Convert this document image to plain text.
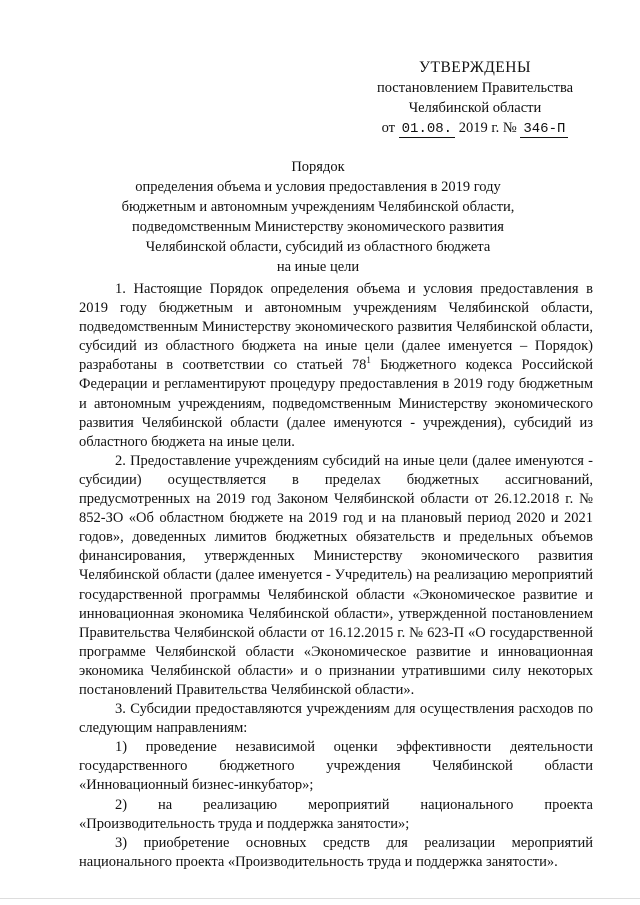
УТВЕРЖДЕНЫ
постановлением Правительства
Челябинской области
от 01.08. 2019 г. № 346-П
Порядок
определения объема и условия предоставления в 2019 году
бюджетным и автономным учреждениям Челябинской области,
подведомственным Министерству экономического развития
Челябинской области, субсидий из областного бюджета
на иные цели

1. Настоящие Порядок определения объема и условия предоставления в 2019 году бюджетным и автономным учреждениям Челябинской области, подведомственным Министерству экономического развития Челябинской области, субсидий из областного бюджета на иные цели (далее именуется – Порядок) разработаны в соответствии со статьей $78^1$ Бюджетного кодекса Российской Федерации и регламентируют процедуру предоставления в 2019 году бюджетным и автономным учреждениям, подведомственным Министерству экономического развития Челябинской области (далее именуются - учреждения), субсидий из областного бюджета на иные цели.

2. Предоставление учреждениям субсидий на иные цели (далее именуются - субсидии) осуществляется в пределах бюджетных ассигнований, предусмотренных на 2019 год Законом Челябинской области от 26.12.2018 г. № 852-ЗО «Об областном бюджете на 2019 год и на плановый период 2020 и 2021 годов», доведенных лимитов бюджетных обязательств и предельных объемов финансирования, утвержденных Министерству экономического развития Челябинской области (далее именуется - Учредитель) на реализацию мероприятий государственной программы Челябинской области «Экономическое развитие и инновационная экономика Челябинской области», утвержденной постановлением Правительства Челябинской области от 16.12.2015 г. № 623-П «О государственной программе Челябинской области «Экономическое развитие и инновационная экономика Челябинской области» и о признании утратившими силу некоторых постановлений Правительства Челябинской области».

3. Субсидии предоставляются учреждениям для осуществления расходов по следующим направлениям:

1) проведение независимой оценки эффективности деятельности государственного бюджетного учреждения Челябинской области «Инновационный бизнес-инкубатор»;

2) на реализацию мероприятий национального проекта «Производительность труда и поддержка занятости»;

3) приобретение основных средств для реализации мероприятий национального проекта «Производительность труда и поддержка занятости».
